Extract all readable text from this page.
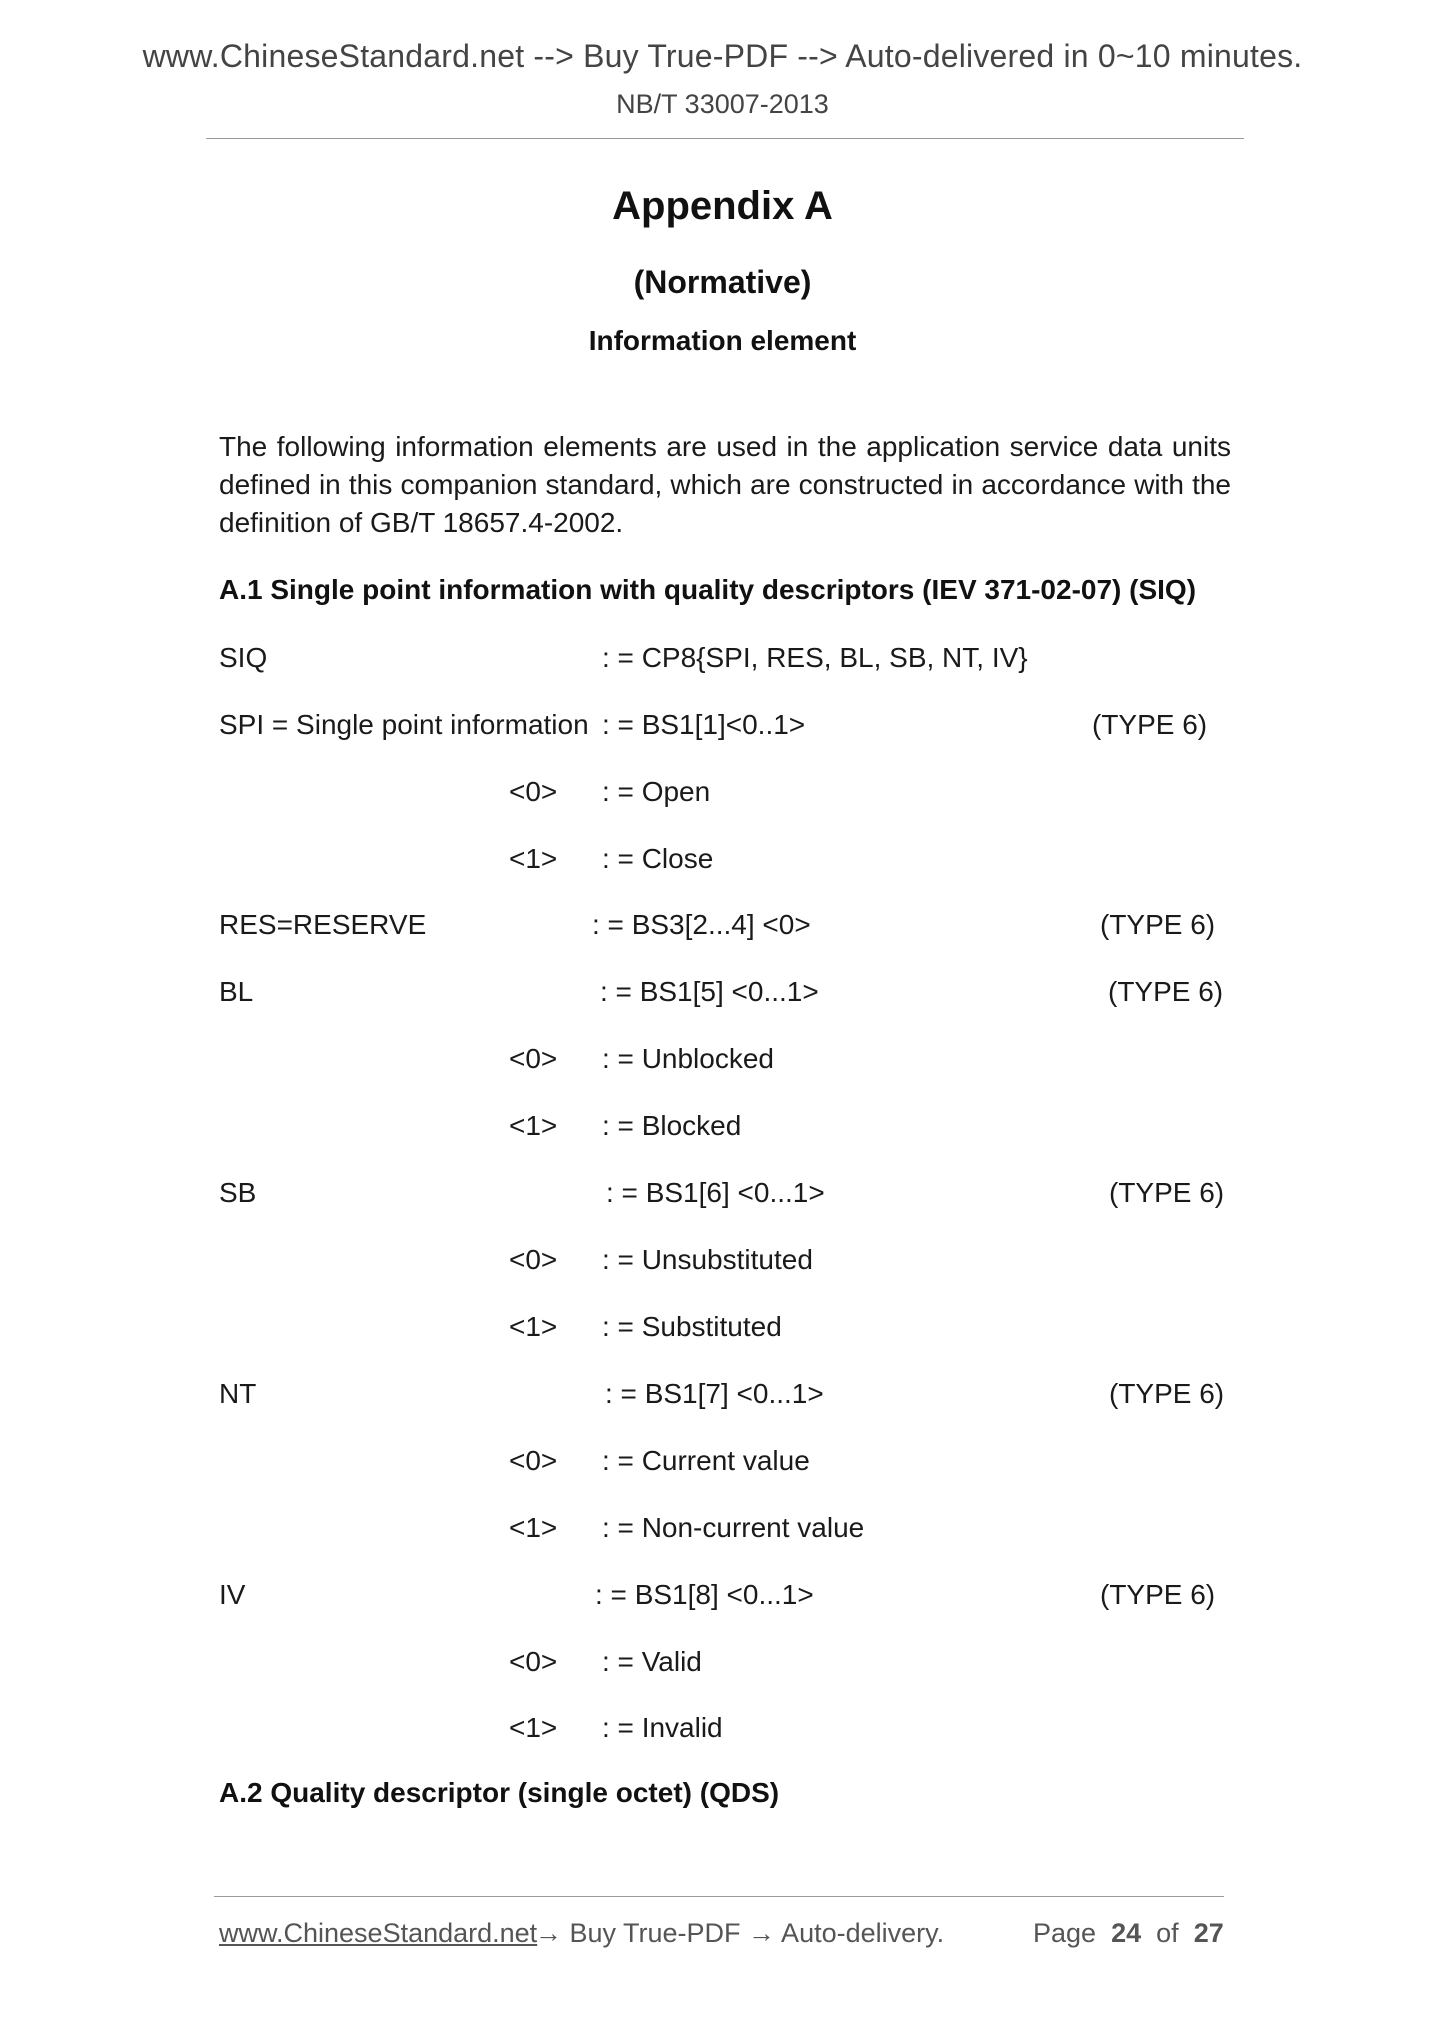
www.ChineseStandard.net --> Buy True-PDF --> Auto-delivered in 0~10 minutes.
NB/T 33007-2013
Appendix A
(Normative)
Information element
The following information elements are used in the application service data units defined in this companion standard, which are constructed in accordance with the definition of GB/T 18657.4-2002.
A.1 Single point information with quality descriptors (IEV 371-02-07) (SIQ)
SIQ	: = CP8{SPI, RES, BL, SB, NT, IV}
SPI = Single point information : = BS1[1]<0..1>	(TYPE 6)
<0> : = Open
<1> : = Close
RES=RESERVE	: = BS3[2...4] <0>	(TYPE 6)
BL	: = BS1[5] <0...1>	(TYPE 6)
<0> : = Unblocked
<1> : = Blocked
SB	: = BS1[6] <0...1>	(TYPE 6)
<0> : = Unsubstituted
<1> : = Substituted
NT	: = BS1[7] <0...1>	(TYPE 6)
<0> : = Current value
<1> : = Non-current value
IV	: = BS1[8] <0...1>	(TYPE 6)
<0> : = Valid
<1> : = Invalid
A.2 Quality descriptor (single octet) (QDS)
www.ChineseStandard.net
→ Buy True-PDF → Auto-delivery.	Page 24 of 27
